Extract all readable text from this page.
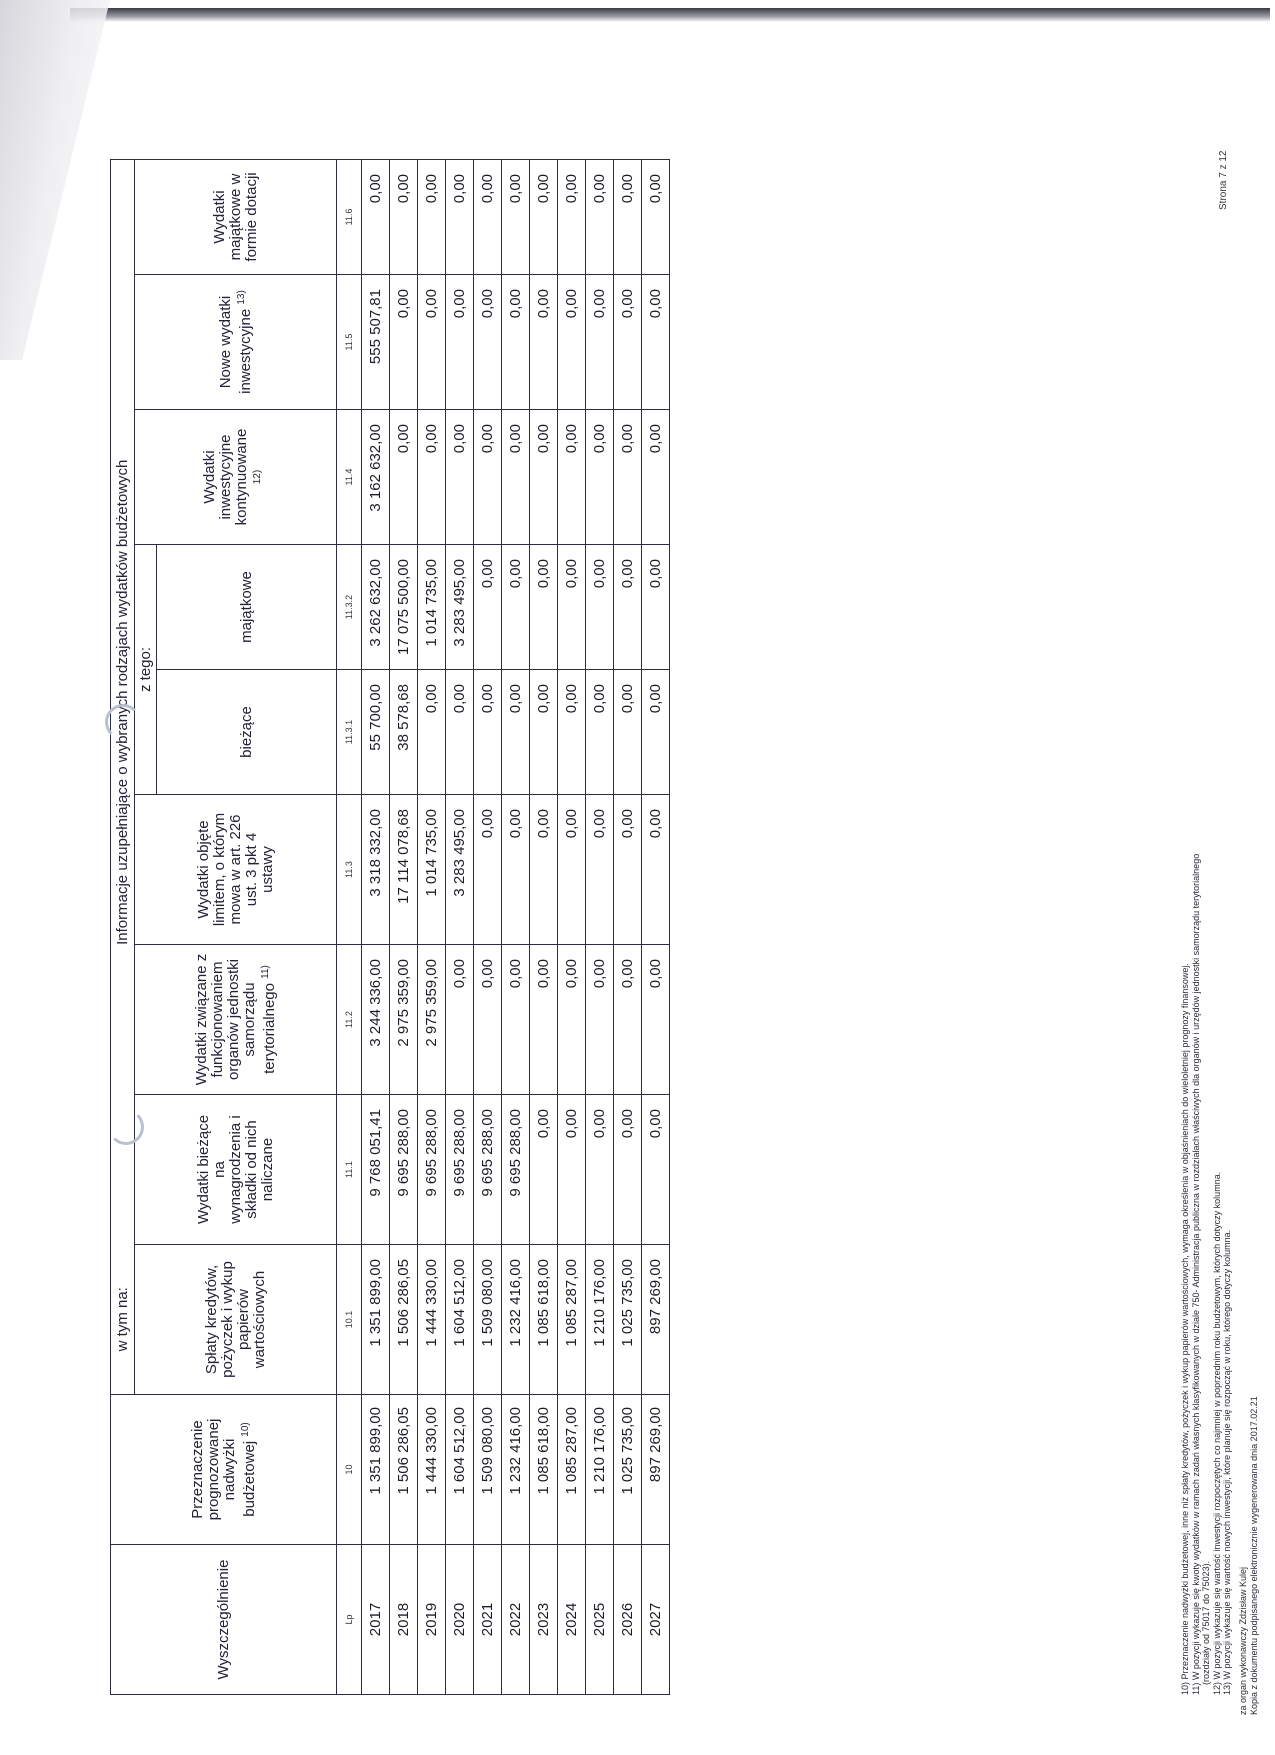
Strona 7 z 12
Wyszczególnienie	Przeznaczenie prognozowanej nadwyżki budżetowej $^{10)}$	w tym na:	Informacje uzupełniające o wybranych rodzajach wydatków budżetowych							

		Spłaty kredytów, pożyczek i wykup papierów wartościowych	Wydatki bieżące na wynagrodzenia i składki od nich naliczane	Wydatki związane z funkcjonowaniem organów jednostki samorządu terytorialnego $^{11)}$	Wydatki objęte limitem, o którym mowa w art. 226 ust. 3 pkt 4 ustawy	z tego:		Wydatki inwestycyjne kontynuowane $^{12)}$	Nowe wydatki inwestycyjne $^{13)}$	Wydatki majątkowe w formie dotacji

						bieżące	majątkowe			

Lp	10	10.1	11.1	11.2	11.3	11.3.1	11.3.2	11.4	11.5	11.6
2017	1 351 899,00	1 351 899,00	9 768 051,41	3 244 336,00	3 318 332,00	55 700,00	3 262 632,00	3 162 632,00	555 507,81	0,00
2018	1 506 286,05	1 506 286,05	9 695 288,00	2 975 359,00	17 114 078,68	38 578,68	17 075 500,00	0,00	0,00	0,00
2019	1 444 330,00	1 444 330,00	9 695 288,00	2 975 359,00	1 014 735,00	0,00	1 014 735,00	0,00	0,00	0,00
2020	1 604 512,00	1 604 512,00	9 695 288,00	0,00	3 283 495,00	0,00	3 283 495,00	0,00	0,00	0,00
2021	1 509 080,00	1 509 080,00	9 695 288,00	0,00	0,00	0,00	0,00	0,00	0,00	0,00
2022	1 232 416,00	1 232 416,00	9 695 288,00	0,00	0,00	0,00	0,00	0,00	0,00	0,00
2023	1 085 618,00	1 085 618,00	0,00	0,00	0,00	0,00	0,00	0,00	0,00	0,00
2024	1 085 287,00	1 085 287,00	0,00	0,00	0,00	0,00	0,00	0,00	0,00	0,00
2025	1 210 176,00	1 210 176,00	0,00	0,00	0,00	0,00	0,00	0,00	0,00	0,00
2026	1 025 735,00	1 025 735,00	0,00	0,00	0,00	0,00	0,00	0,00	0,00	0,00
2027	897 269,00	897 269,00	0,00	0,00	0,00	0,00	0,00	0,00	0,00	0,00
10) Przeznaczenie nadwyżki budżetowej, inne niż spłaty kredytów, pożyczek i wykup papierów wartościowych, wymaga określenia w objaśnieniach do wieloletniej prognozy finansowej. 11) W pozycji wykazuje się kwoty wydatków w ramach zadań własnych klasyfikowanych w dziale 750- Administracja publiczna w rozdziałach właściwych dla organów i urzędów jednostki samorządu terytorialnego (rozdziały od 75017 do 75023). 12) W pozycji wykazuje się wartość inwestycji rozpoczętych co najmniej w poprzednim roku budżetowym, których dotyczy kolumna. 13) W pozycji wykazuje się wartość nowych inwestycji, które planuje się rozpocząć w roku, którego dotyczy kolumna. za organ wykonawczy Zdzisław Kulej Kopia z dokumentu podpisanego elektronicznie wygenerowana dnia 2017.02.21
